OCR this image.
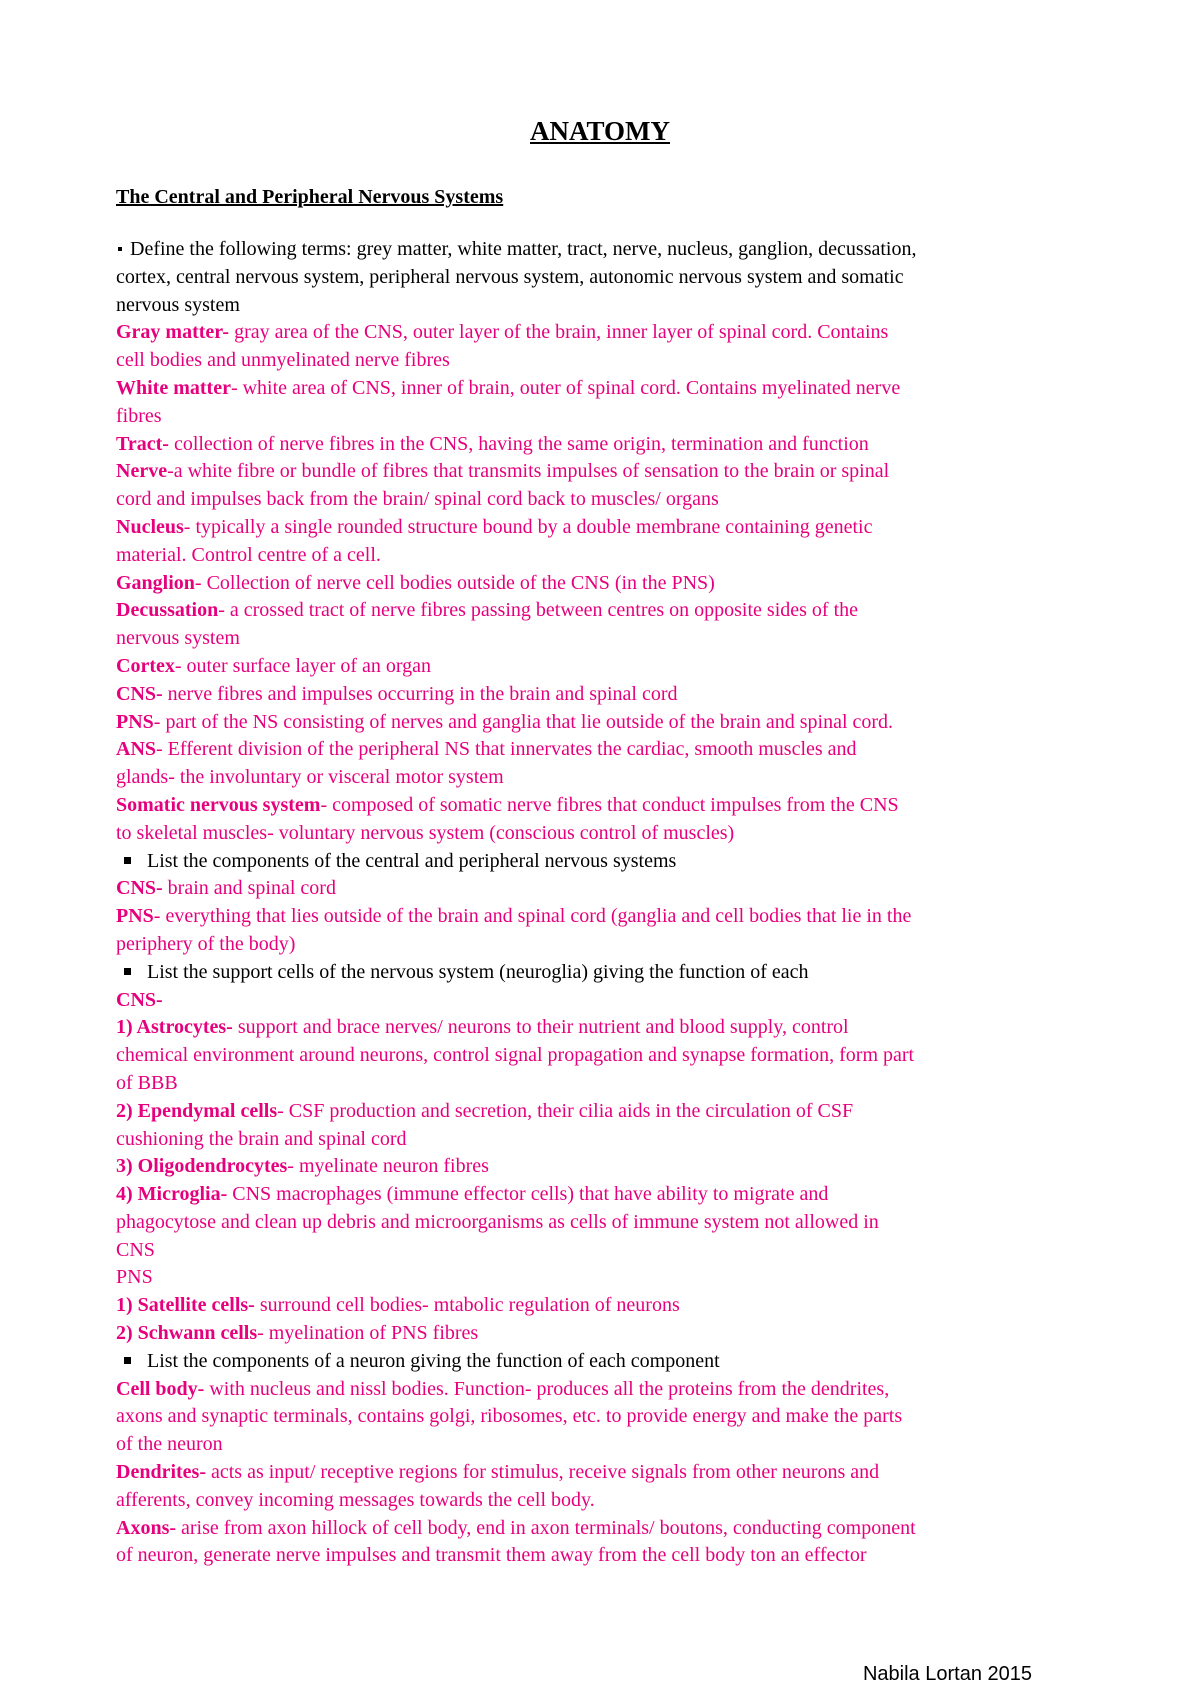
ANATOMY
The Central and Peripheral Nervous Systems
Define the following terms: grey matter, white matter, tract, nerve, nucleus, ganglion, decussation,
cortex, central nervous system, peripheral nervous system, autonomic nervous system and somatic
nervous system
Gray matter- gray area of the CNS, outer layer of the brain, inner layer of spinal cord. Contains
cell bodies and unmyelinated nerve fibres
White matter- white area of CNS, inner of brain, outer of spinal cord. Contains myelinated nerve
fibres
Tract- collection of nerve fibres in the CNS, having the same origin, termination and function
Nerve-a white fibre or bundle of fibres that transmits impulses of sensation to the brain or spinal
cord and impulses back from the brain/ spinal cord back to muscles/ organs
Nucleus- typically a single rounded structure bound by a double membrane containing genetic
material. Control centre of a cell.
Ganglion- Collection of nerve cell bodies outside of the CNS (in the PNS)
Decussation- a crossed tract of nerve fibres passing between centres on opposite sides of the
nervous system
Cortex- outer surface layer of an organ
CNS- nerve fibres and impulses occurring in the brain and spinal cord
PNS- part of the NS consisting of nerves and ganglia that lie outside of the brain and spinal cord.
ANS- Efferent division of the peripheral NS that innervates the cardiac, smooth muscles and
glands- the involuntary or visceral motor system
Somatic nervous system- composed of somatic nerve fibres that conduct impulses from the CNS
to skeletal muscles- voluntary nervous system (conscious control of muscles)
List the components of the central and peripheral nervous systems
CNS- brain and spinal cord
PNS- everything that lies outside of the brain and spinal cord (ganglia and cell bodies that lie in the
periphery of the body)
List the support cells of the nervous system (neuroglia) giving the function of each
CNS-
1) Astrocytes- support and brace nerves/ neurons to their nutrient and blood supply, control
chemical environment around neurons, control signal propagation and synapse formation, form part
of BBB
2) Ependymal cells- CSF production and secretion, their cilia aids in the circulation of CSF
cushioning the brain and spinal cord
3) Oligodendrocytes- myelinate neuron fibres
4) Microglia- CNS macrophages (immune effector cells) that have ability to migrate and
phagocytose and clean up debris and microorganisms as cells of immune system not allowed in
CNS
PNS
1) Satellite cells- surround cell bodies- mtabolic regulation of neurons
2) Schwann cells- myelination of PNS fibres
List the components of a neuron giving the function of each component
Cell body- with nucleus and nissl bodies. Function- produces all the proteins from the dendrites,
axons and synaptic terminals, contains golgi, ribosomes, etc. to provide energy and make the parts
of the neuron
Dendrites- acts as input/ receptive regions for stimulus, receive signals from other neurons and
afferents, convey incoming messages towards the cell body.
Axons- arise from axon hillock of cell body, end in axon terminals/ boutons, conducting component
of neuron, generate nerve impulses and transmit them away from the cell body ton an effector
Nabila Lortan 2015
